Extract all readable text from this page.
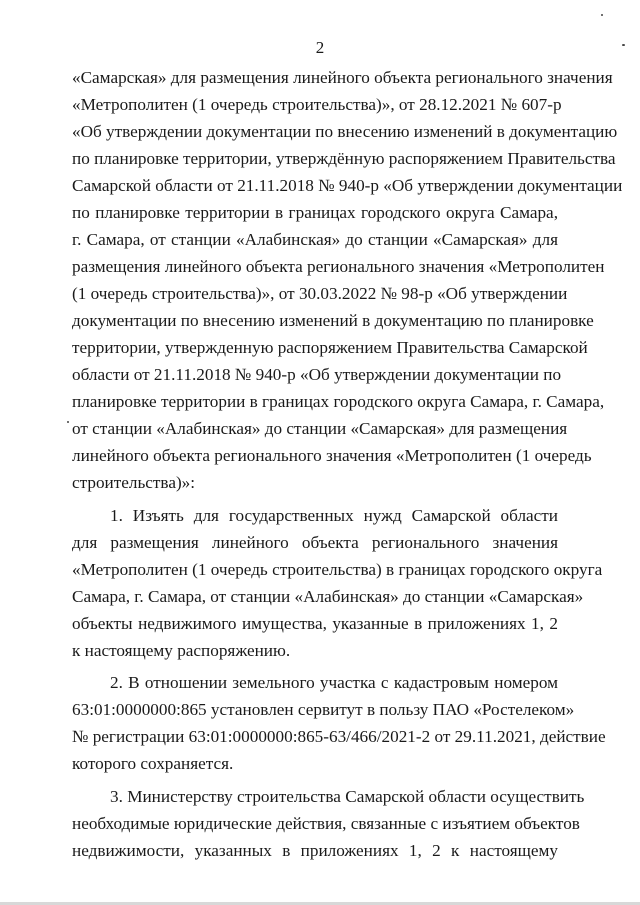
2
«Самарская» для размещения линейного объекта регионального значения
«Метрополитен (1 очередь строительства)», от 28.12.2021 № 607-р
«Об утверждении документации по внесению изменений в документацию
по планировке территории, утверждённую распоряжением Правительства
Самарской области от 21.11.2018 № 940-р «Об утверждении документации
по планировке территории в границах городского округа Самара,
г. Самара, от станции «Алабинская» до станции «Самарская» для
размещения линейного объекта регионального значения «Метрополитен
(1 очередь строительства)», от 30.03.2022 № 98-р «Об утверждении
документации по внесению изменений в документацию по планировке
территории, утвержденную распоряжением Правительства Самарской
области от 21.11.2018 № 940-р «Об утверждении документации по
планировке территории в границах городского округа Самара, г. Самара,
от станции «Алабинская» до станции «Самарская» для размещения
линейного объекта регионального значения «Метрополитен (1 очередь
строительства)»:
1. Изъять для государственных нужд Самарской области
для размещения линейного объекта регионального значения
«Метрополитен (1 очередь строительства) в границах городского округа
Самара, г. Самара, от станции «Алабинская» до станции «Самарская»
объекты недвижимого имущества, указанные в приложениях 1, 2
к настоящему распоряжению.
2. В отношении земельного участка с кадастровым номером
63:01:0000000:865 установлен сервитут в пользу ПАО «Ростелеком»
№ регистрации 63:01:0000000:865-63/466/2021-2 от 29.11.2021, действие
которого сохраняется.
3. Министерству строительства Самарской области осуществить
необходимые юридические действия, связанные с изъятием объектов
недвижимости, указанных в приложениях 1, 2 к настоящему
